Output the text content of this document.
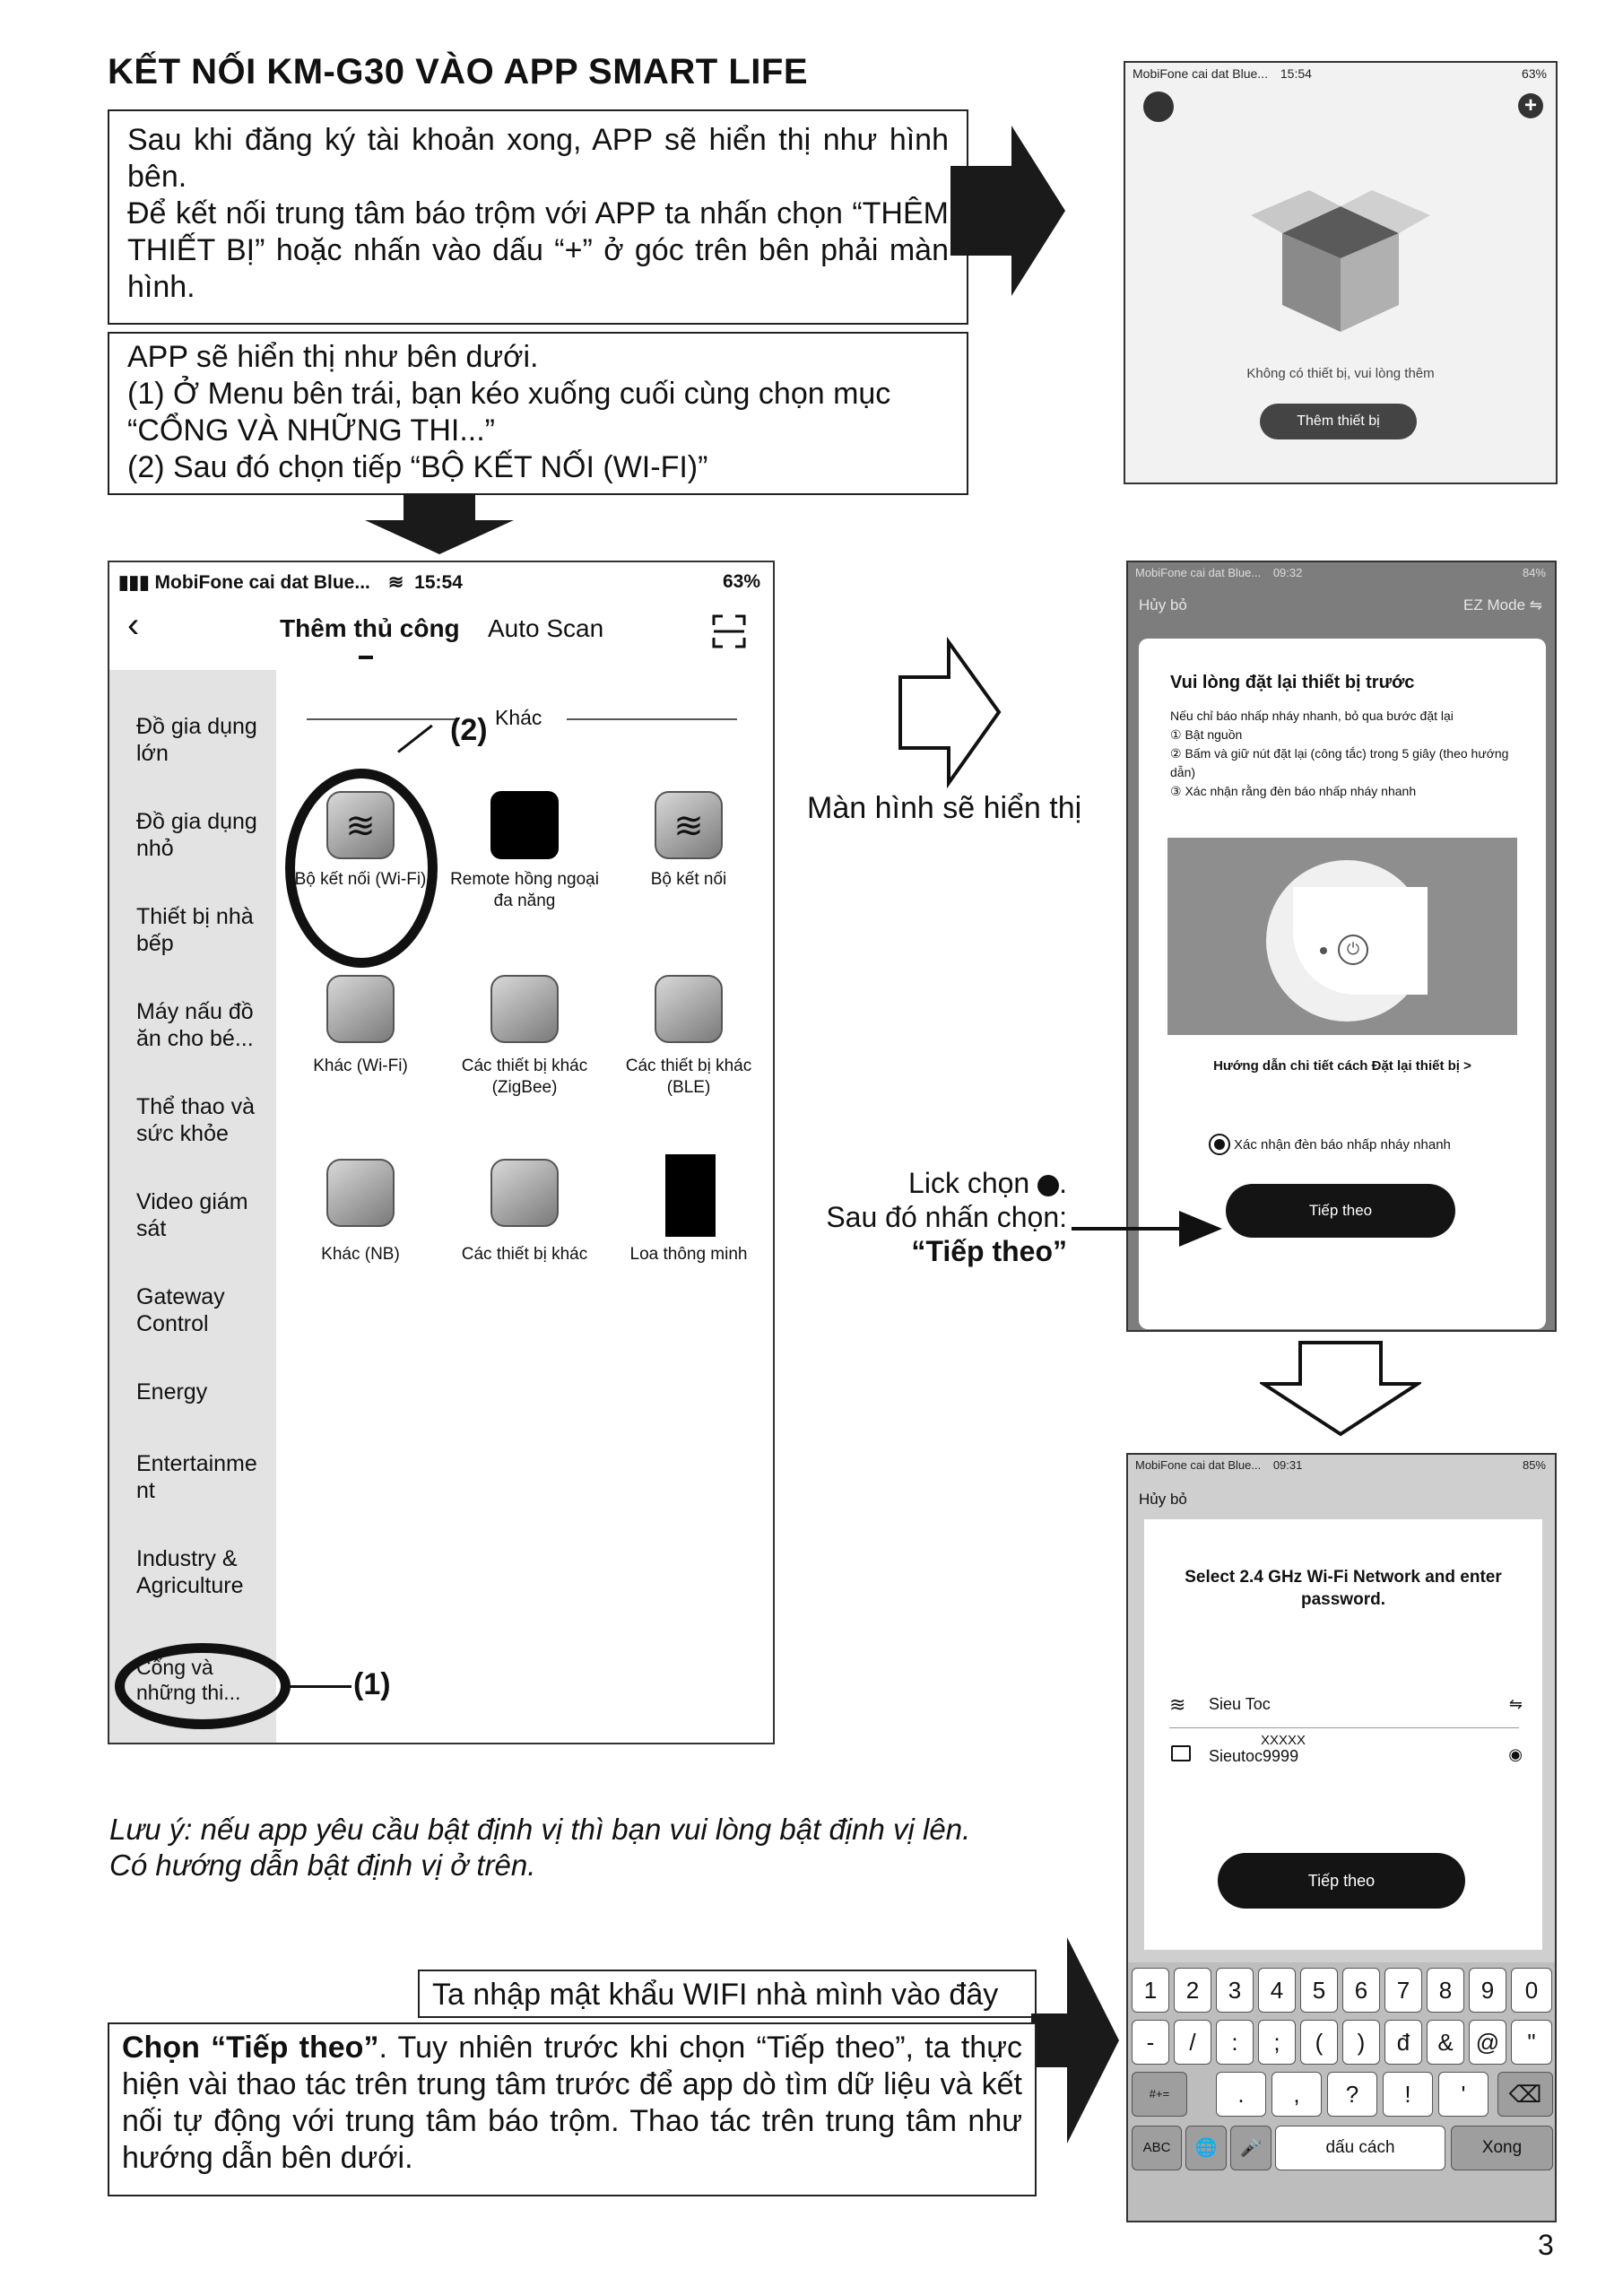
KẾT NỐI KM-G30 VÀO APP SMART LIFE

Sau khi đăng ký tài khoản xong, APP sẽ hiển thị như hình bên.

Để kết nối trung tâm báo trộm với APP ta nhấn chọn “THÊM THIẾT BỊ” hoặc nhấn vào dấu “+” ở góc trên bên phải màn hình.

APP sẽ hiển thị như bên dưới.

(1) Ở Menu bên trái, bạn kéo xuống cuối cùng chọn mục “CỔNG VÀ NHỮNG THI...”

(2) Sau đó chọn tiếp “BỘ KẾT NỐI (WI-FI)”

MobiFone cai dat Blue... 15:54	63%
+
Không có thiết bị, vui lòng thêm
Thêm thiết bị
▮▮▮ MobiFone cai dat Blue... ≋ 15:54	63%
‹	Thêm thủ công Auto Scan
Đồ gia dụng lớn
Đồ gia dụng nhỏ
Thiết bị nhà bếp
Máy nấu đồ ăn cho bé...
Thể thao và sức khỏe
Video giám sát
Gateway Control
Energy
Entertainme nt
Industry & Agriculture
Cổng và những thi...	(1)
Khác
≋	≋
Bộ kết nối (Wi-Fi)	Remote hồng ngoại đa năng
Bộ kết nối
(2)
Khác (Wi-Fi)	Các thiết bị khác (ZigBee)
Các thiết bị khác (BLE)
Khác (NB)	Các thiết bị khác	Loa thông minh
Màn hình sẽ hiển thị
MobiFone cai dat Blue... 09:32	84%
Hủy bỏ	EZ Mode ⇋
Vui lòng đặt lại thiết bị trước
Nếu chỉ báo nhấp nháy nhanh, bỏ qua bước đặt lại
① Bật nguồn
② Bấm và giữ nút đặt lại (công tắc) trong 5 giây (theo hướng dẫn)
③ Xác nhận rằng đèn báo nhấp nháy nhanh
⏻
Hướng dẫn chi tiết cách Đặt lại thiết bị >
Xác nhận đèn báo nhấp nháy nhanh
Tiếp theo
Lick chọn .
Sau đó nhấn chọn:
“Tiếp theo”
MobiFone cai dat Blue... 09:31	85%
Hủy bỏ
Select 2.4 GHz Wi-Fi Network and enter password.
≋ Sieu Toc	⇋
Sieutoc9999
XXXXX
◉
Tiếp theo
1	2	3	4	5	6	7	8	9	0
-	/	:	;	(	)	đ	& @	"
#+=	.	,	?	!	'	⌫
ABC	🌐	🎤	dấu cách	Xong
Lưu ý: nếu app yêu cầu bật định vị thì bạn vui lòng bật định vị lên.
Có hướng dẫn bật định vị ở trên.
Ta nhập mật khẩu WIFI nhà mình vào đây

Chọn “Tiếp theo”. Tuy nhiên trước khi chọn “Tiếp theo”, ta thực hiện vài thao tác trên trung tâm trước để app dò tìm dữ liệu và kết nối tự động với trung tâm báo trộm. Thao tác trên trung tâm như hướng dẫn bên dưới.

3
